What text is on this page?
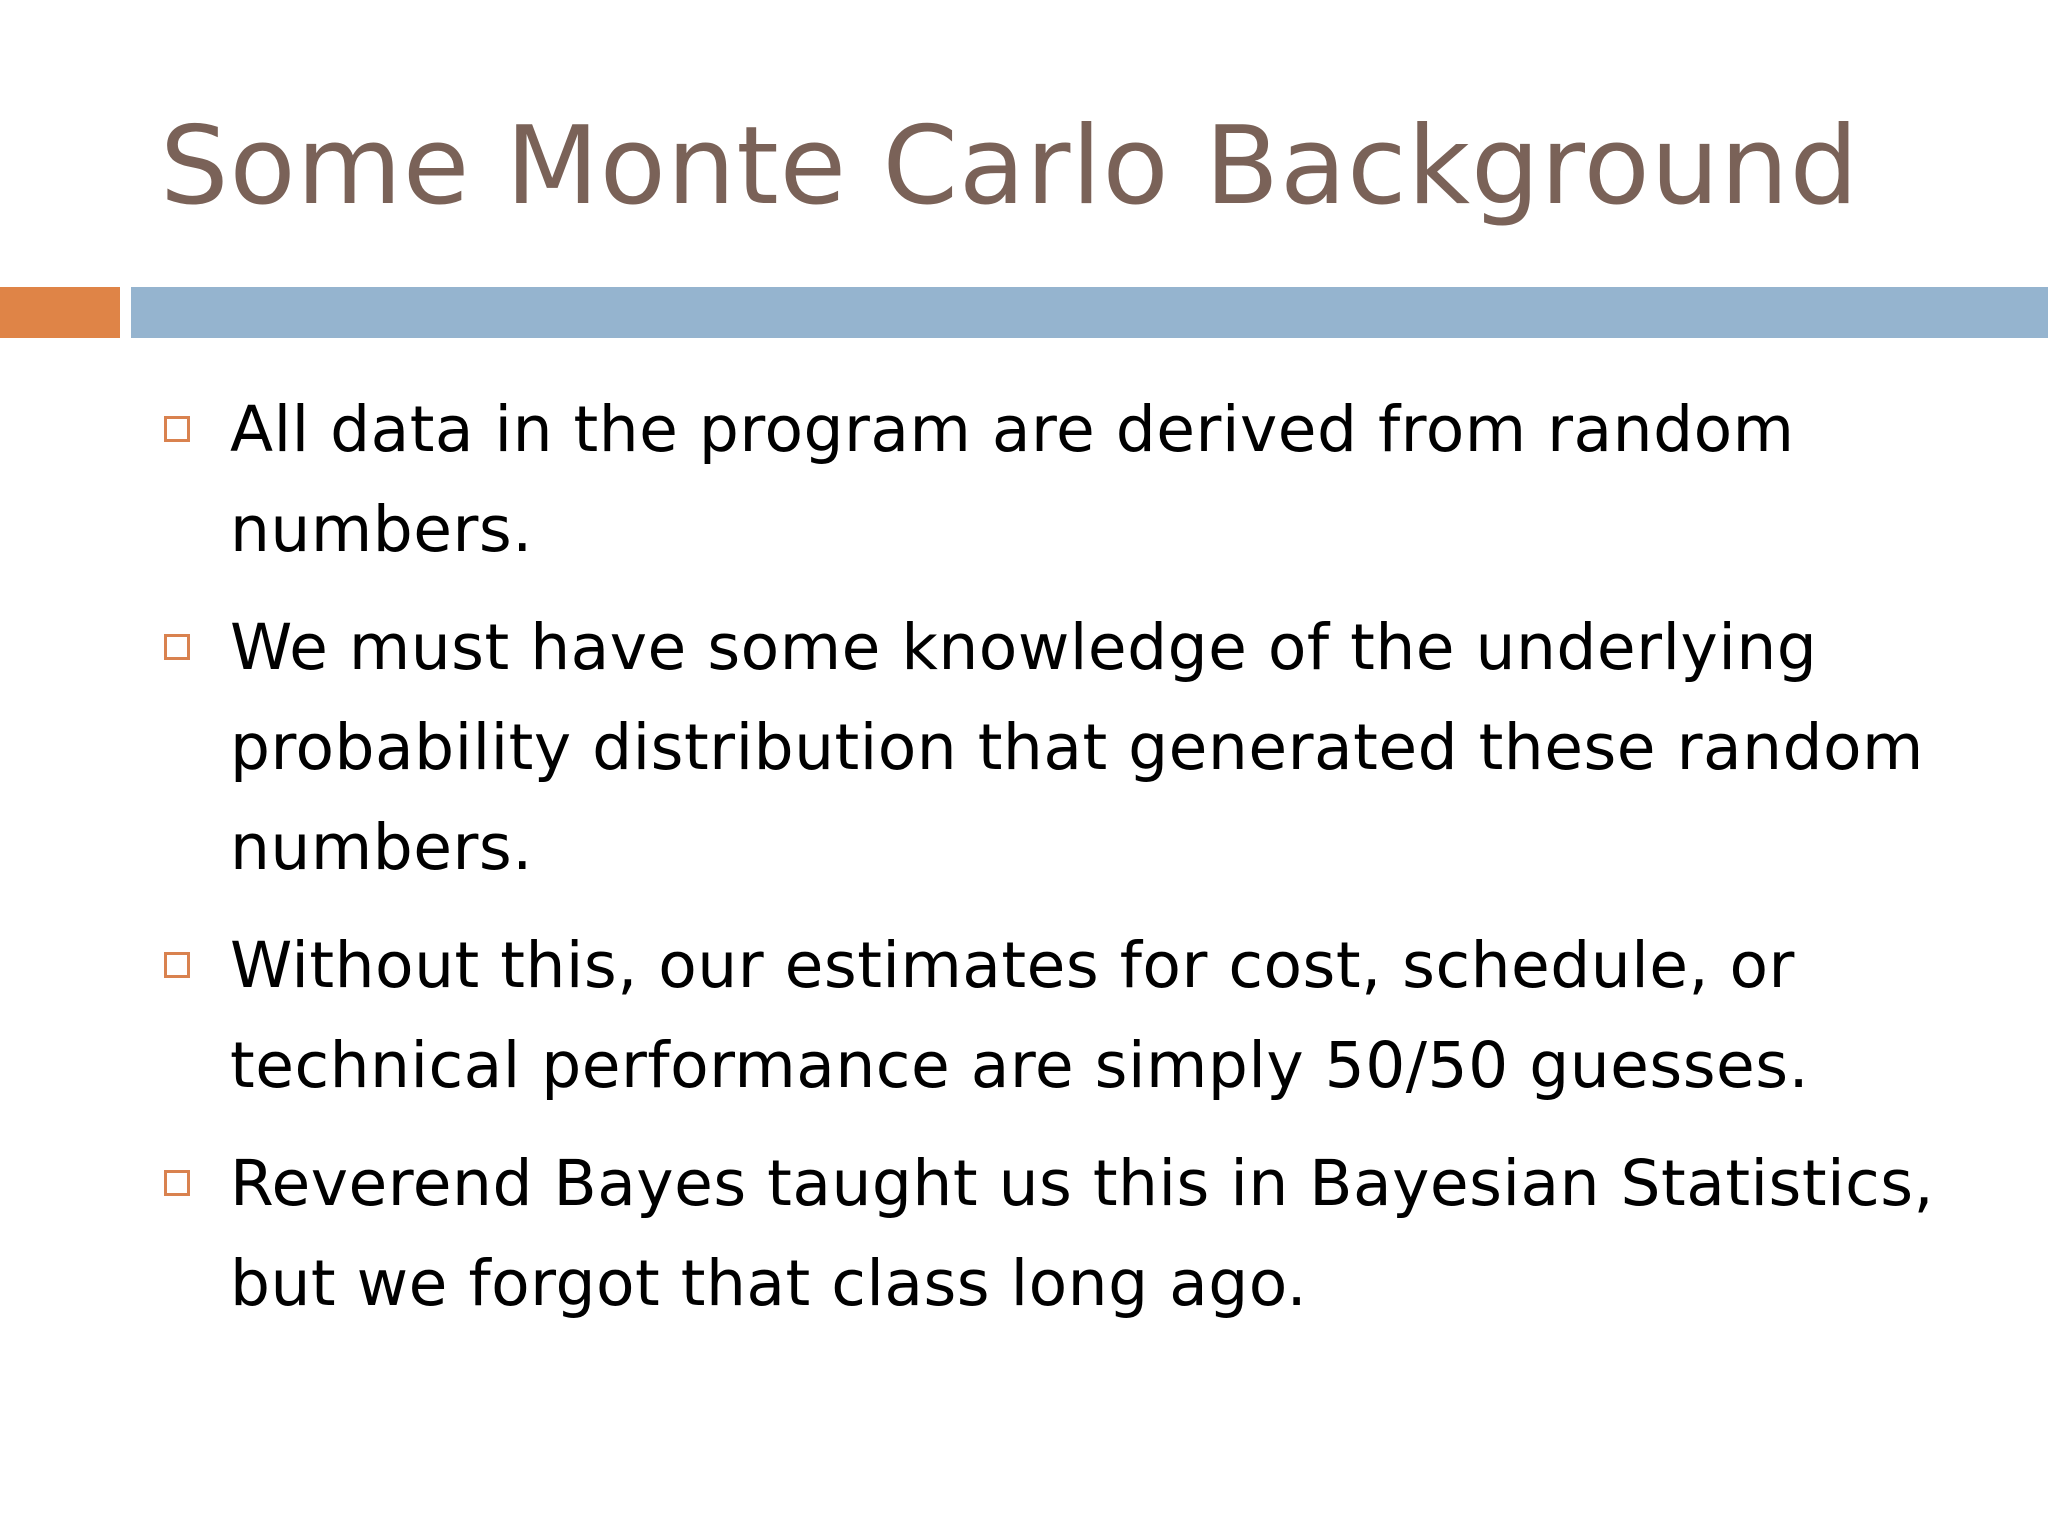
Some Monte Carlo Background
All data in the program are derived from random numbers.
We must have some knowledge of the underlying probability distribution that generated these random numbers.
Without this, our estimates for cost, schedule, or technical performance are simply 50/50 guesses.
Reverend Bayes taught us this in Bayesian Statistics, but we forgot that class long ago.
